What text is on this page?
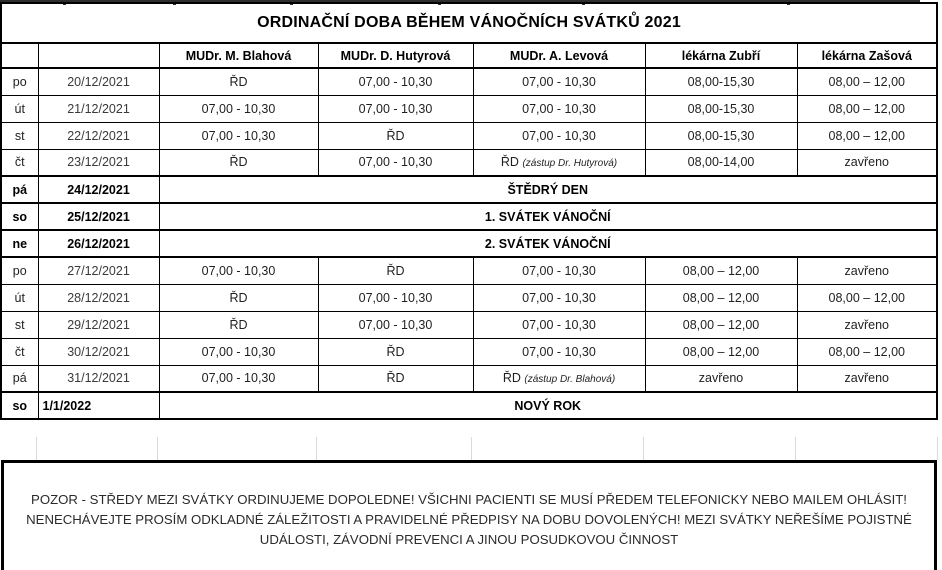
ORDINAČNÍ DOBA BĚHEM VÁNOČNÍCH SVÁTKŮ 2021						
		MUDr. M. Blahová	MUDr. D. Hutyrová	MUDr. A. Levová	lékárna Zubří	lékárna Zašová
po	20/12/2021	ŘD	07,00 - 10,30	07,00 - 10,30	08,00-15,30	08,00 – 12,00
út	21/12/2021	07,00 - 10,30	07,00 - 10,30	07,00 - 10,30	08,00-15,30	08,00 – 12,00
st	22/12/2021	07,00 - 10,30	ŘD	07,00 - 10,30	08,00-15,30	08,00 – 12,00
čt	23/12/2021	ŘD	07,00 - 10,30	ŘD (zástup Dr. Hutyrová)	08,00-14,00	zavřeno
pá	24/12/2021	ŠTĚDRÝ DEN				
so	25/12/2021	1. SVÁTEK VÁNOČNÍ				
ne	26/12/2021	2. SVÁTEK VÁNOČNÍ				
po	27/12/2021	07,00 - 10,30	ŘD	07,00 - 10,30	08,00 – 12,00	zavřeno
út	28/12/2021	ŘD	07,00 - 10,30	07,00 - 10,30	08,00 – 12,00	08,00 – 12,00
st	29/12/2021	ŘD	07,00 - 10,30	07,00 - 10,30	08,00 – 12,00	zavřeno
čt	30/12/2021	07,00 - 10,30	ŘD	07,00 - 10,30	08,00 – 12,00	08,00 – 12,00
pá	31/12/2021	07,00 - 10,30	ŘD	ŘD (zástup Dr. Blahová)	zavřeno	zavřeno
so	1/1/2022	NOVÝ ROK				

POZOR - STŘEDY MEZI SVÁTKY ORDINUJEME DOPOLEDNE! VŠICHNI PACIENTI SE MUSÍ PŘEDEM TELEFONICKY NEBO MAILEM OHLÁSIT! NENECHÁVEJTE PROSÍM ODKLADNÉ ZÁLEŽITOSTI A PRAVIDELNÉ PŘEDPISY NA DOBU DOVOLENÝCH! MEZI SVÁTKY NEŘEŠÍME POJISTNÉ UDÁLOSTI, ZÁVODNÍ PREVENCI A JINOU POSUDKOVOU ČINNOST
